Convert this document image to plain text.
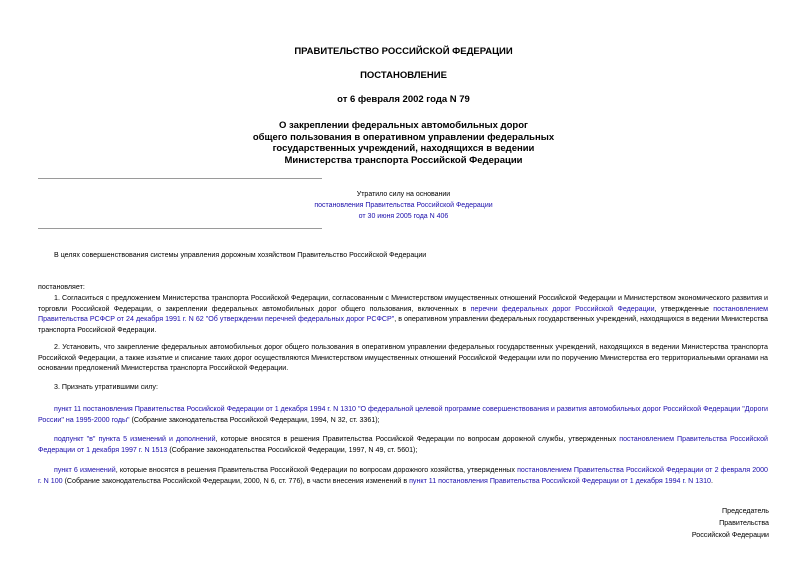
ПРАВИТЕЛЬСТВО РОССИЙСКОЙ ФЕДЕРАЦИИ
ПОСТАНОВЛЕНИЕ
от 6 февраля 2002 года N 79
О закреплении федеральных автомобильных дорог
общего пользования в оперативном управлении федеральных
государственных учреждений, находящихся в ведении
Министерства транспорта Российской Федерации
Утратило силу на основании
постановления Правительства Российской Федерации
от 30 июня 2005 года N 406
В целях совершенствования системы управления дорожным хозяйством Правительство Российской Федерации
постановляет:
1. Согласиться с предложением Министерства транспорта Российской Федерации, согласованным с Министерством имущественных отношений Российской Федерации и Министерством экономического развития и торговли Российской Федерации, о закреплении федеральных автомобильных дорог общего пользования, включенных в перечни федеральных дорог Российской Федерации, утвержденные постановлением Правительства РСФСР от 24 декабря 1991 г. N 62 "Об утверждении перечней федеральных дорог РСФСР", в оперативном управлении федеральных государственных учреждений, находящихся в ведении Министерства транспорта Российской Федерации.
2. Установить, что закрепление федеральных автомобильных дорог общего пользования в оперативном управлении федеральных государственных учреждений, находящихся в ведении Министерства транспорта Российской Федерации, а также изъятие и списание таких дорог осуществляются Министерством имущественных отношений Российской Федерации или по поручению Министерства его территориальными органами на основании предложений Министерства транспорта Российской Федерации.
3. Признать утратившими силу:
пункт 11 постановления Правительства Российской Федерации от 1 декабря 1994 г. N 1310 "О федеральной целевой программе совершенствования и развития автомобильных дорог Российской Федерации "Дороги России" на 1995-2000 годы" (Собрание законодательства Российской Федерации, 1994, N 32, ст. 3361);
подпункт "в" пункта 5 изменений и дополнений, которые вносятся в решения Правительства Российской Федерации по вопросам дорожной службы, утвержденных постановлением Правительства Российской Федерации от 1 декабря 1997 г. N 1513 (Собрание законодательства Российской Федерации, 1997, N 49, ст. 5601);
пункт 6 изменений, которые вносятся в решения Правительства Российской Федерации по вопросам дорожного хозяйства, утвержденных постановлением Правительства Российской Федерации от 2 февраля 2000 г. N 100 (Собрание законодательства Российской Федерации, 2000, N 6, ст. 776), в части внесения изменений в пункт 11 постановления Правительства Российской Федерации от 1 декабря 1994 г. N 1310.
Председатель
Правительства
Российской Федерации
